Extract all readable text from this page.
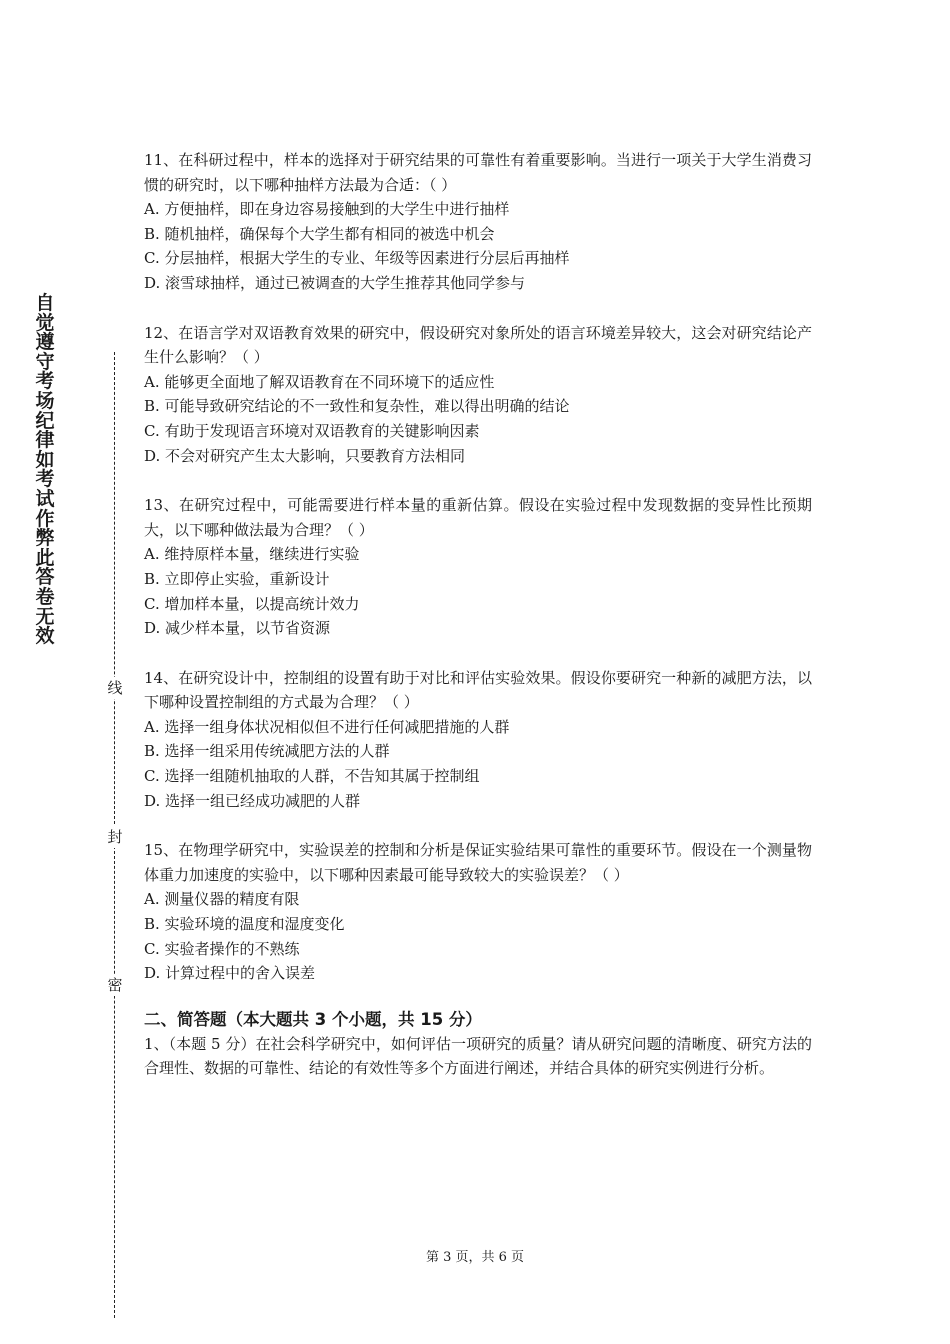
自觉遵守考场纪律如考试作弊此答卷无效
线
封
密
11、在科研过程中，样本的选择对于研究结果的可靠性有着重要影响。当进行一项关于大学生消费习惯的研究时，以下哪种抽样方法最为合适：（ ）
A. 方便抽样，即在身边容易接触到的大学生中进行抽样
B. 随机抽样，确保每个大学生都有相同的被选中机会
C. 分层抽样，根据大学生的专业、年级等因素进行分层后再抽样
D. 滚雪球抽样，通过已被调查的大学生推荐其他同学参与
12、在语言学对双语教育效果的研究中，假设研究对象所处的语言环境差异较大，这会对研究结论产生什么影响？（ ）
A. 能够更全面地了解双语教育在不同环境下的适应性
B. 可能导致研究结论的不一致性和复杂性，难以得出明确的结论
C. 有助于发现语言环境对双语教育的关键影响因素
D. 不会对研究产生太大影响，只要教育方法相同
13、在研究过程中，可能需要进行样本量的重新估算。假设在实验过程中发现数据的变异性比预期大，以下哪种做法最为合理？（ ）
A. 维持原样本量，继续进行实验
B. 立即停止实验，重新设计
C. 增加样本量，以提高统计效力
D. 减少样本量，以节省资源
14、在研究设计中，控制组的设置有助于对比和评估实验效果。假设你要研究一种新的减肥方法，以下哪种设置控制组的方式最为合理？（ ）
A. 选择一组身体状况相似但不进行任何减肥措施的人群
B. 选择一组采用传统减肥方法的人群
C. 选择一组随机抽取的人群，不告知其属于控制组
D. 选择一组已经成功减肥的人群
15、在物理学研究中，实验误差的控制和分析是保证实验结果可靠性的重要环节。假设在一个测量物体重力加速度的实验中，以下哪种因素最可能导致较大的实验误差？（ ）
A. 测量仪器的精度有限
B. 实验环境的温度和湿度变化
C. 实验者操作的不熟练
D. 计算过程中的舍入误差
二、简答题（本大题共 3 个小题，共 15 分）
1、（本题 5 分）在社会科学研究中，如何评估一项研究的质量？请从研究问题的清晰度、研究方法的合理性、数据的可靠性、结论的有效性等多个方面进行阐述，并结合具体的研究实例进行分析。
第 3 页，共 6 页
